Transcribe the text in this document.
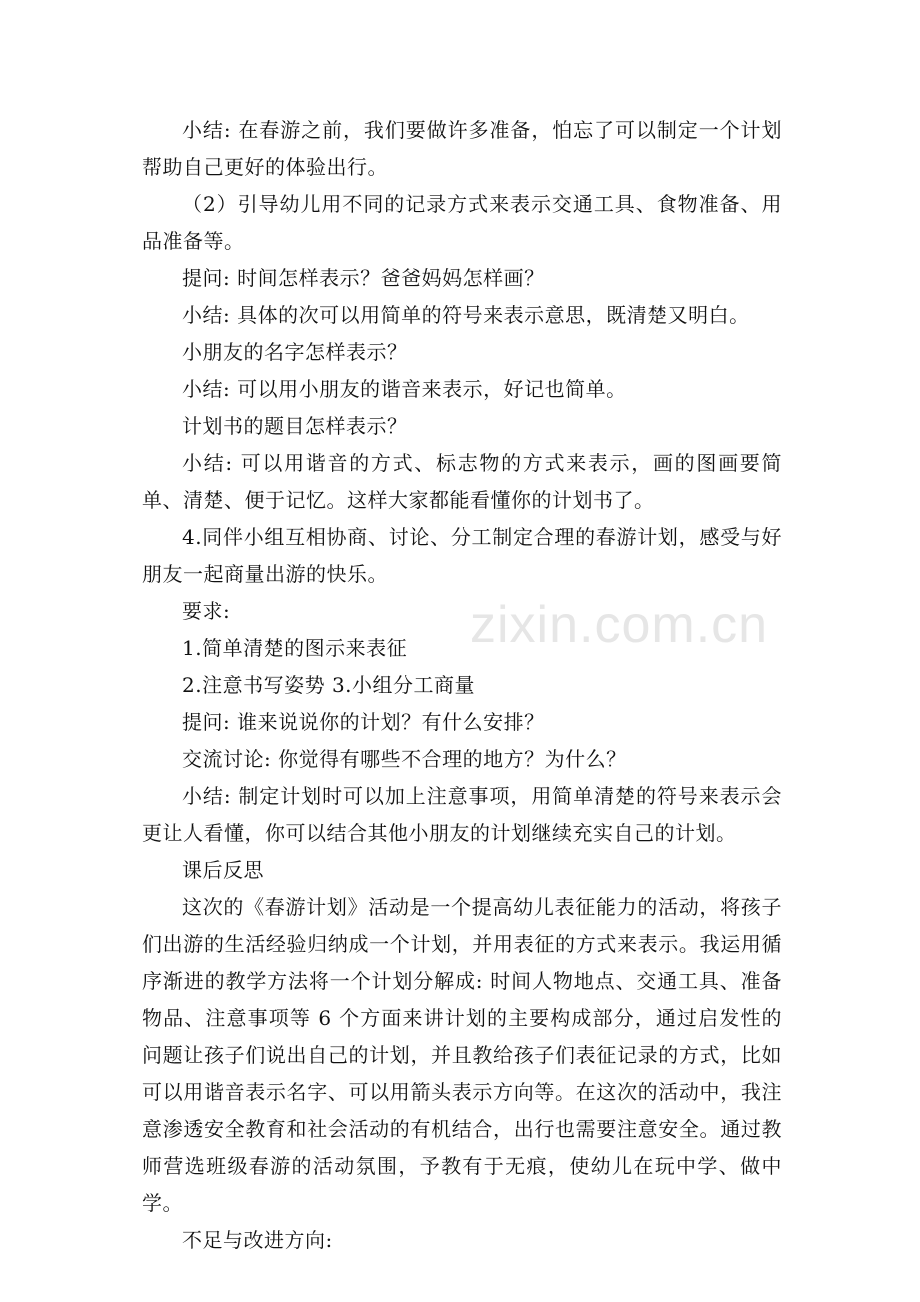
小结: 在春游之前，我们要做许多准备，怕忘了可以制定一个计划帮助自己更好的体验出行。

（2）引导幼儿用不同的记录方式来表示交通工具、食物准备、用品准备等。

提问: 时间怎样表示？爸爸妈妈怎样画？

小结: 具体的次可以用简单的符号来表示意思，既清楚又明白。

小朋友的名字怎样表示？

小结: 可以用小朋友的谐音来表示，好记也简单。

计划书的题目怎样表示？

小结: 可以用谐音的方式、标志物的方式来表示，画的图画要简单、清楚、便于记忆。这样大家都能看懂你的计划书了。

4.同伴小组互相协商、讨论、分工制定合理的春游计划，感受与好朋友一起商量出游的快乐。

要求:

1.简单清楚的图示来表征

2.注意书写姿势 3.小组分工商量

提问: 谁来说说你的计划？有什么安排？

交流讨论: 你觉得有哪些不合理的地方？为什么？

小结: 制定计划时可以加上注意事项，用简单清楚的符号来表示会更让人看懂，你可以结合其他小朋友的计划继续充实自己的计划。

课后反思

这次的《春游计划》活动是一个提高幼儿表征能力的活动，将孩子们出游的生活经验归纳成一个计划，并用表征的方式来表示。我运用循序渐进的教学方法将一个计划分解成: 时间人物地点、交通工具、准备物品、注意事项等 6 个方面来讲计划的主要构成部分，通过启发性的问题让孩子们说出自己的计划，并且教给孩子们表征记录的方式，比如可以用谐音表示名字、可以用箭头表示方向等。在这次的活动中，我注意渗透安全教育和社会活动的有机结合，出行也需要注意安全。通过教师营选班级春游的活动氛围，予教有于无痕，使幼儿在玩中学、做中学。

不足与改进方向:

zixin.com.cn
